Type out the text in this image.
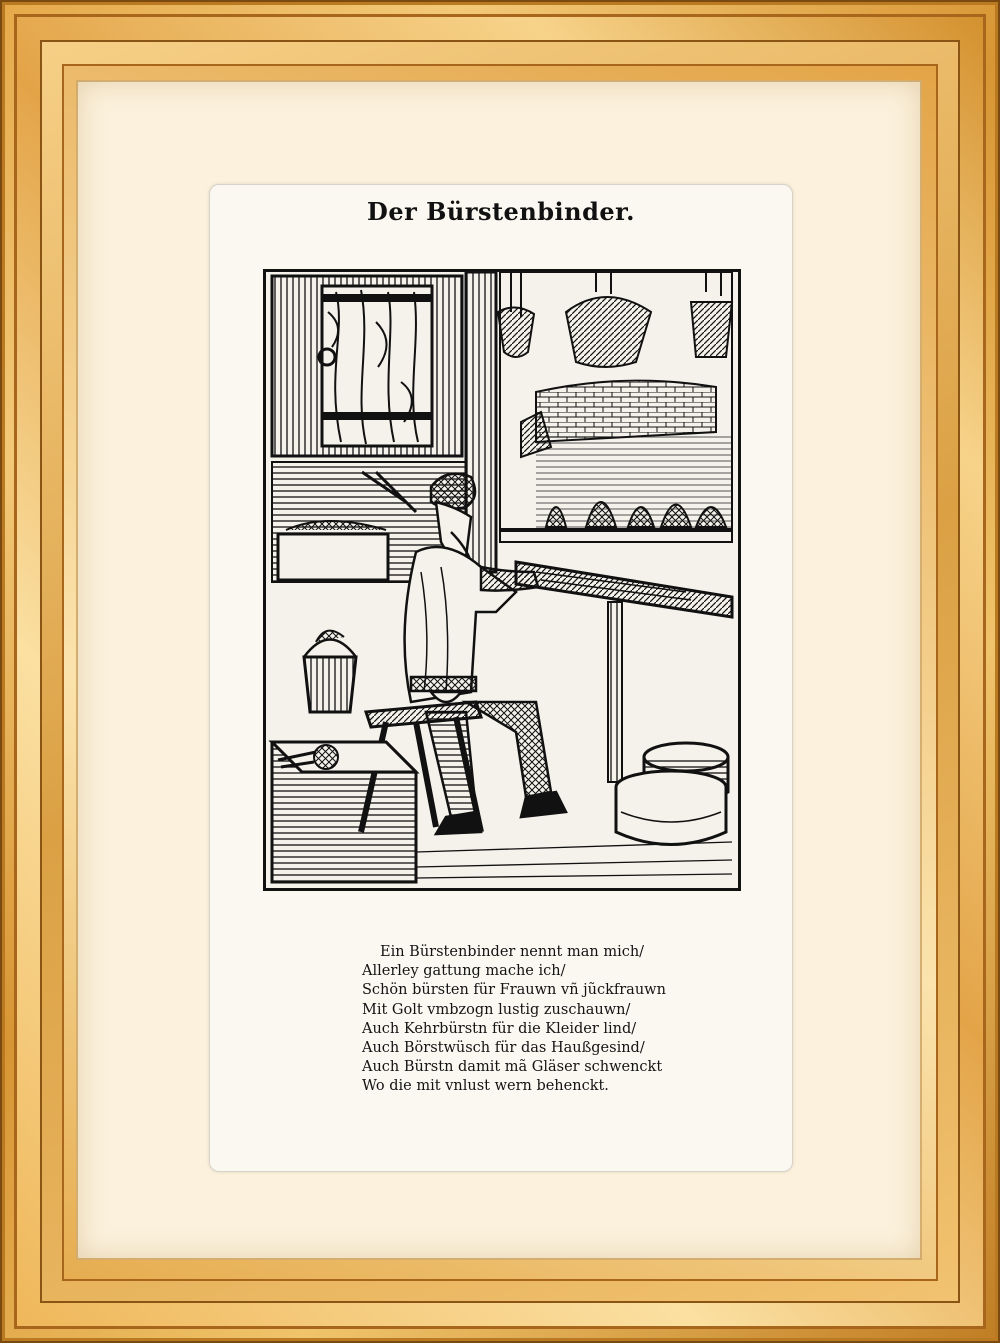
Der Bürstenbinder.
Ein Bürstenbinder nennt man mich/
Allerley gattung mache ich/
Schön bürsten für Frauwn vñ jũckfrauwn
Mit Golt vmbzogn lustig zuschauwn/
Auch Kehrbürstn für die Kleider lind/
Auch Börstwüsch für das Haußgesind/
Auch Bürstn damit mã Gläser schwenckt
Wo die mit vnlust wern behenckt.
